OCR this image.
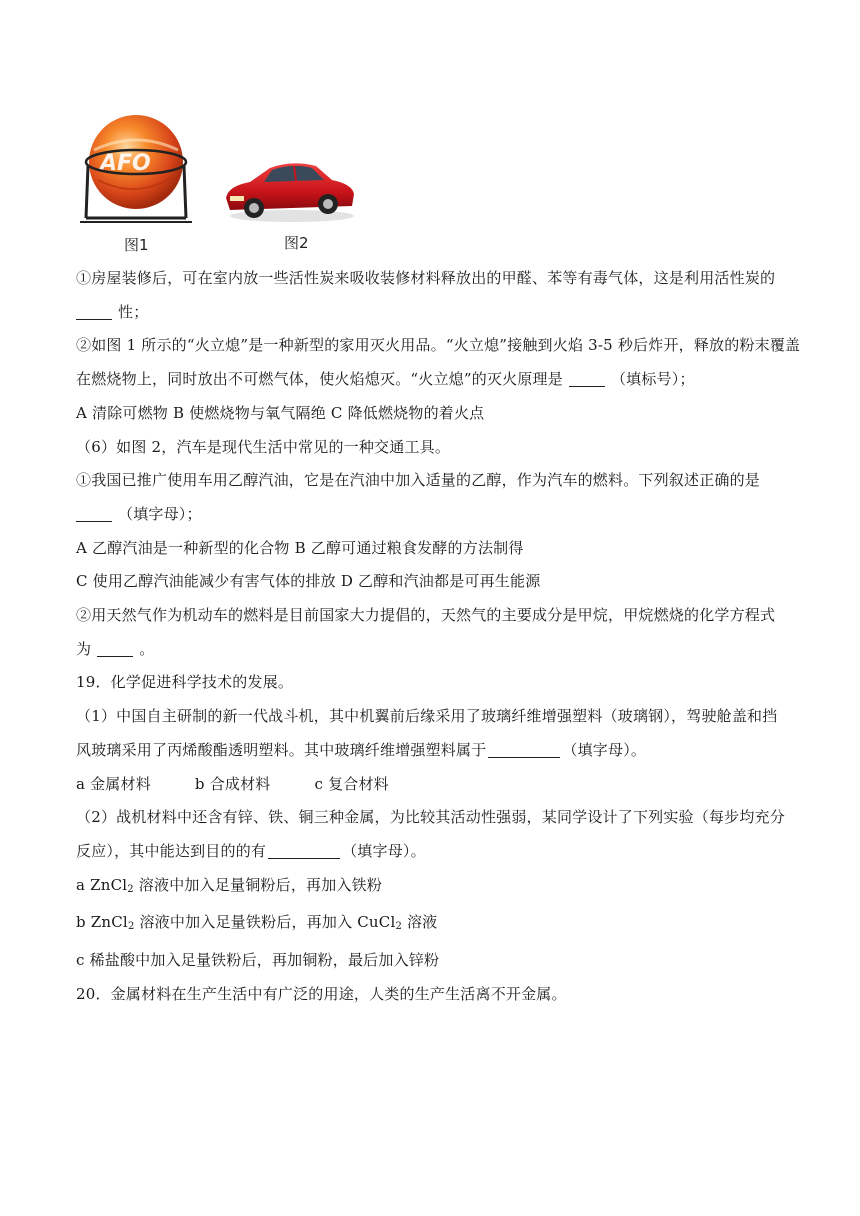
AFO
图1	图2
①房屋装修后，可在室内放一些活性炭来吸收装修材料释放出的甲醛、苯等有毒气体，这是利用活性炭的
性；
②如图 1 所示的“火立熄”是一种新型的家用灭火用品。“火立熄”接触到火焰 3-5 秒后炸开，释放的粉末覆盖
在燃烧物上，同时放出不可燃气体，使火焰熄灭。“火立熄”的灭火原理是	（填标号）；
A 清除可燃物 B 使燃烧物与氧气隔绝 C 降低燃烧物的着火点
（6）如图 2，汽车是现代生活中常见的一种交通工具。
①我国已推广使用车用乙醇汽油，它是在汽油中加入适量的乙醇，作为汽车的燃料。下列叙述正确的是
（填字母）；
A 乙醇汽油是一种新型的化合物 B 乙醇可通过粮食发酵的方法制得
C 使用乙醇汽油能减少有害气体的排放 D 乙醇和汽油都是可再生能源
②用天然气作为机动车的燃料是目前国家大力提倡的，天然气的主要成分是甲烷，甲烷燃烧的化学方程式
为	。
19．化学促进科学技术的发展。
（1）中国自主研制的新一代战斗机，其中机翼前后缘采用了玻璃纤维增强塑料（玻璃钢），驾驶舱盖和挡
风玻璃采用了丙烯酸酯透明塑料。其中玻璃纤维增强塑料属于	（填字母）。
a 金属材料	b 合成材料	c 复合材料
（2）战机材料中还含有锌、铁、铜三种金属，为比较其活动性强弱，某同学设计了下列实验（每步均充分
反应），其中能达到目的的有	（填字母）。
a ZnCl$_2$ 溶液中加入足量铜粉后，再加入铁粉
b ZnCl$_2$ 溶液中加入足量铁粉后，再加入 CuCl$_2$ 溶液
c 稀盐酸中加入足量铁粉后，再加铜粉，最后加入锌粉
20．金属材料在生产生活中有广泛的用途，人类的生产生活离不开金属。
